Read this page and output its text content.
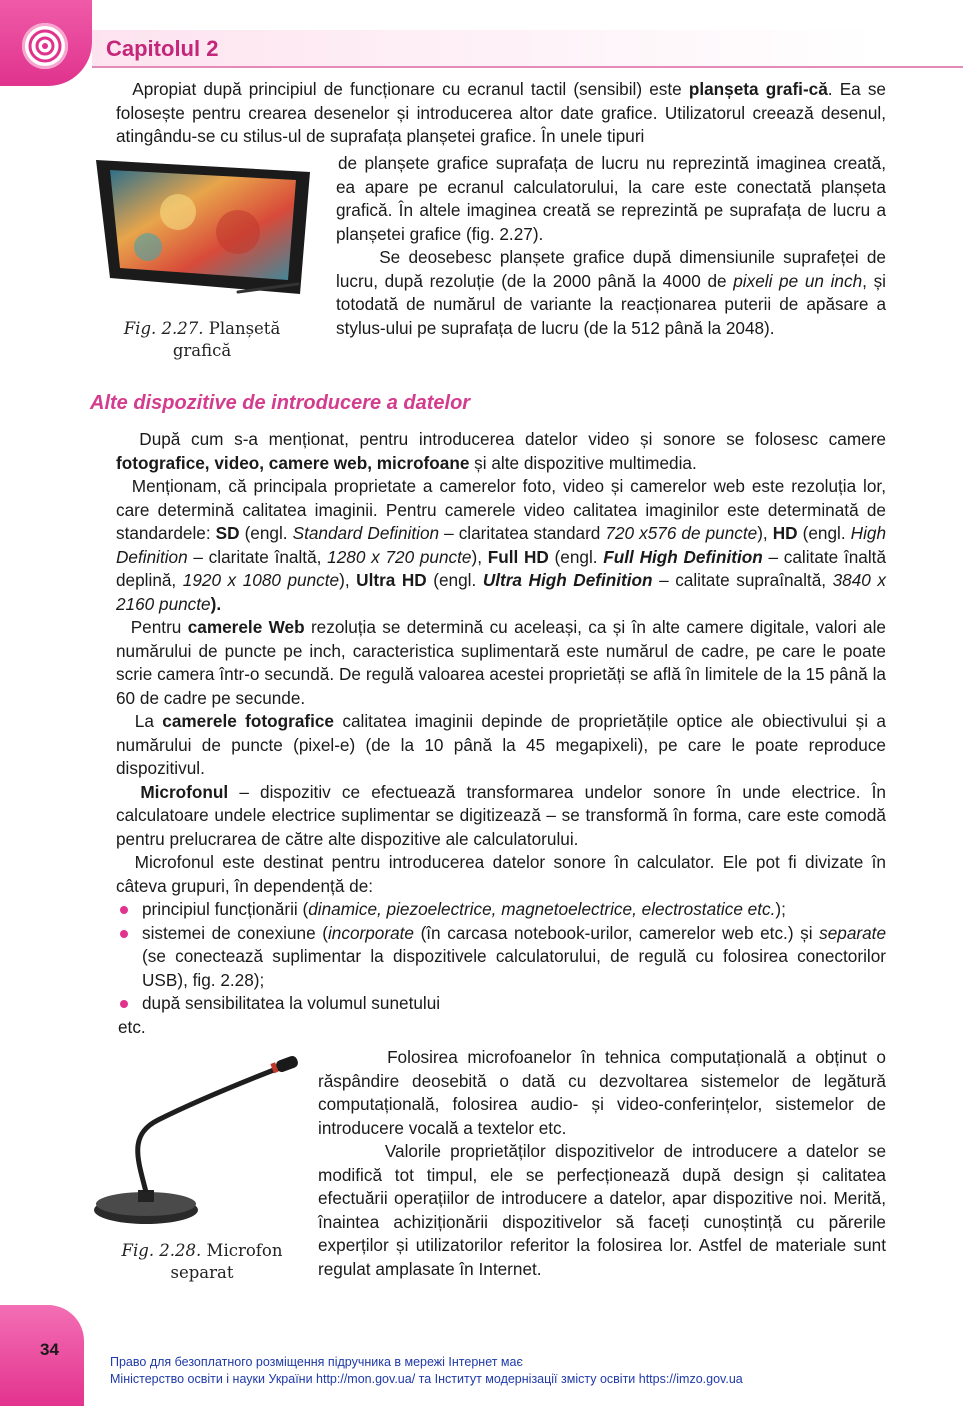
Capitolul 2

Apropiat după principiul de funcționare cu ecranul tactil (sensibil) este planșeta grafi-că. Ea se folosește pentru crearea desenelor și introducerea altor date grafice. Utilizatorul creează desenul, atingându-se cu stilus-ul de suprafața planșetei grafice. În unele tipuri

Fig. 2.27. Planșetă grafică

de planșete grafice suprafața de lucru nu reprezintă imaginea creată, ea apare pe ecranul calculatorului, la care este conectată planșeta grafică. În altele imaginea creată se reprezintă pe suprafața de lucru a planșetei grafice (fig. 2.27).

Se deosebesc planșete grafice după dimensiunile suprafeței de lucru, după rezoluție (de la 2000 până la 4000 de pixeli pe un inch, și totodată de numărul de variante la reacționarea puterii de apăsare a stylus-ului pe suprafața de lucru (de la 512 până la 2048).

Alte dispozitive de introducere a datelor

După cum s-a menționat, pentru introducerea datelor video și sonore se folosesc camere fotografice, video, camere web, microfoane și alte dispozitive multimedia.

Menționam, că principala proprietate a camerelor foto, video și camerelor web este rezoluția lor, care determină calitatea imaginii. Pentru camerele video calitatea imaginilor este determinată de standardele: SD (engl. Standard Definition – claritatea standard 720 x576 de puncte), HD (engl. High Definition – claritate înaltă, 1280 x 720 puncte), Full HD (engl. Full High Definition – calitate înaltă deplină, 1920 x 1080 puncte), Ultra HD (engl. Ultra High Definition – calitate supraînaltă, 3840 x 2160 puncte).

Pentru camerele Web rezoluția se determină cu aceleași, ca și în alte camere digitale, valori ale numărului de puncte pe inch, caracteristica suplimentară este numărul de cadre, pe care le poate scrie camera într-o secundă. De regulă valoarea acestei proprietăți se află în limitele de la 15 până la 60 de cadre pe secunde.

La camerele fotografice calitatea imaginii depinde de proprietățile optice ale obiectivului și a numărului de puncte (pixel-e) (de la 10 până la 45 megapixeli), pe care le poate reproduce dispozitivul.

Microfonul – dispozitiv ce efectuează transformarea undelor sonore în unde electrice. În calculatoare undele electrice suplimentar se digitizează – se transformă în forma, care este comodă pentru prelucrarea de către alte dispozitive ale calculatorului.

Microfonul este destinat pentru introducerea datelor sonore în calculator. Ele pot fi divizate în câteva grupuri, în dependență de:

principiul funcționării (dinamice, piezoelectrice, magnetoelectrice, electrostatice etc.);
sistemei de conexiune (incorporate (în carcasa notebook-urilor, camerelor web etc.) și separate (se conectează suplimentar la dispozitivele calculatorului, de regulă cu folosirea conectorilor USB), fig. 2.28);
după sensibilitatea la volumul sunetului

etc.

Fig. 2.28. Microfon separat

Folosirea microfoanelor în tehnica computațională a obținut o răspândire deosebită o dată cu dezvoltarea sistemelor de legătură computațională, folosirea audio- și video-conferințelor, sistemelor de introducere vocală a textelor etc.

Valorile proprietăților dispozitivelor de introducere a datelor se modifică tot timpul, ele se perfecționează după design și calitatea efectuării operațiilor de introducere a datelor, apar dispozitive noi. Merită, înaintea achiziționării dispozitivelor să faceți cunoștință cu părerile experților și utilizatorilor referitor la folosirea lor. Astfel de materiale sunt regulat amplasate în Internet.

34
Право для безоплатного розміщення підручника в мережі Інтернет має
Міністерство освіти і науки України http://mon.gov.ua/ та Інститут модернізації змісту освіти https://imzo.gov.ua
